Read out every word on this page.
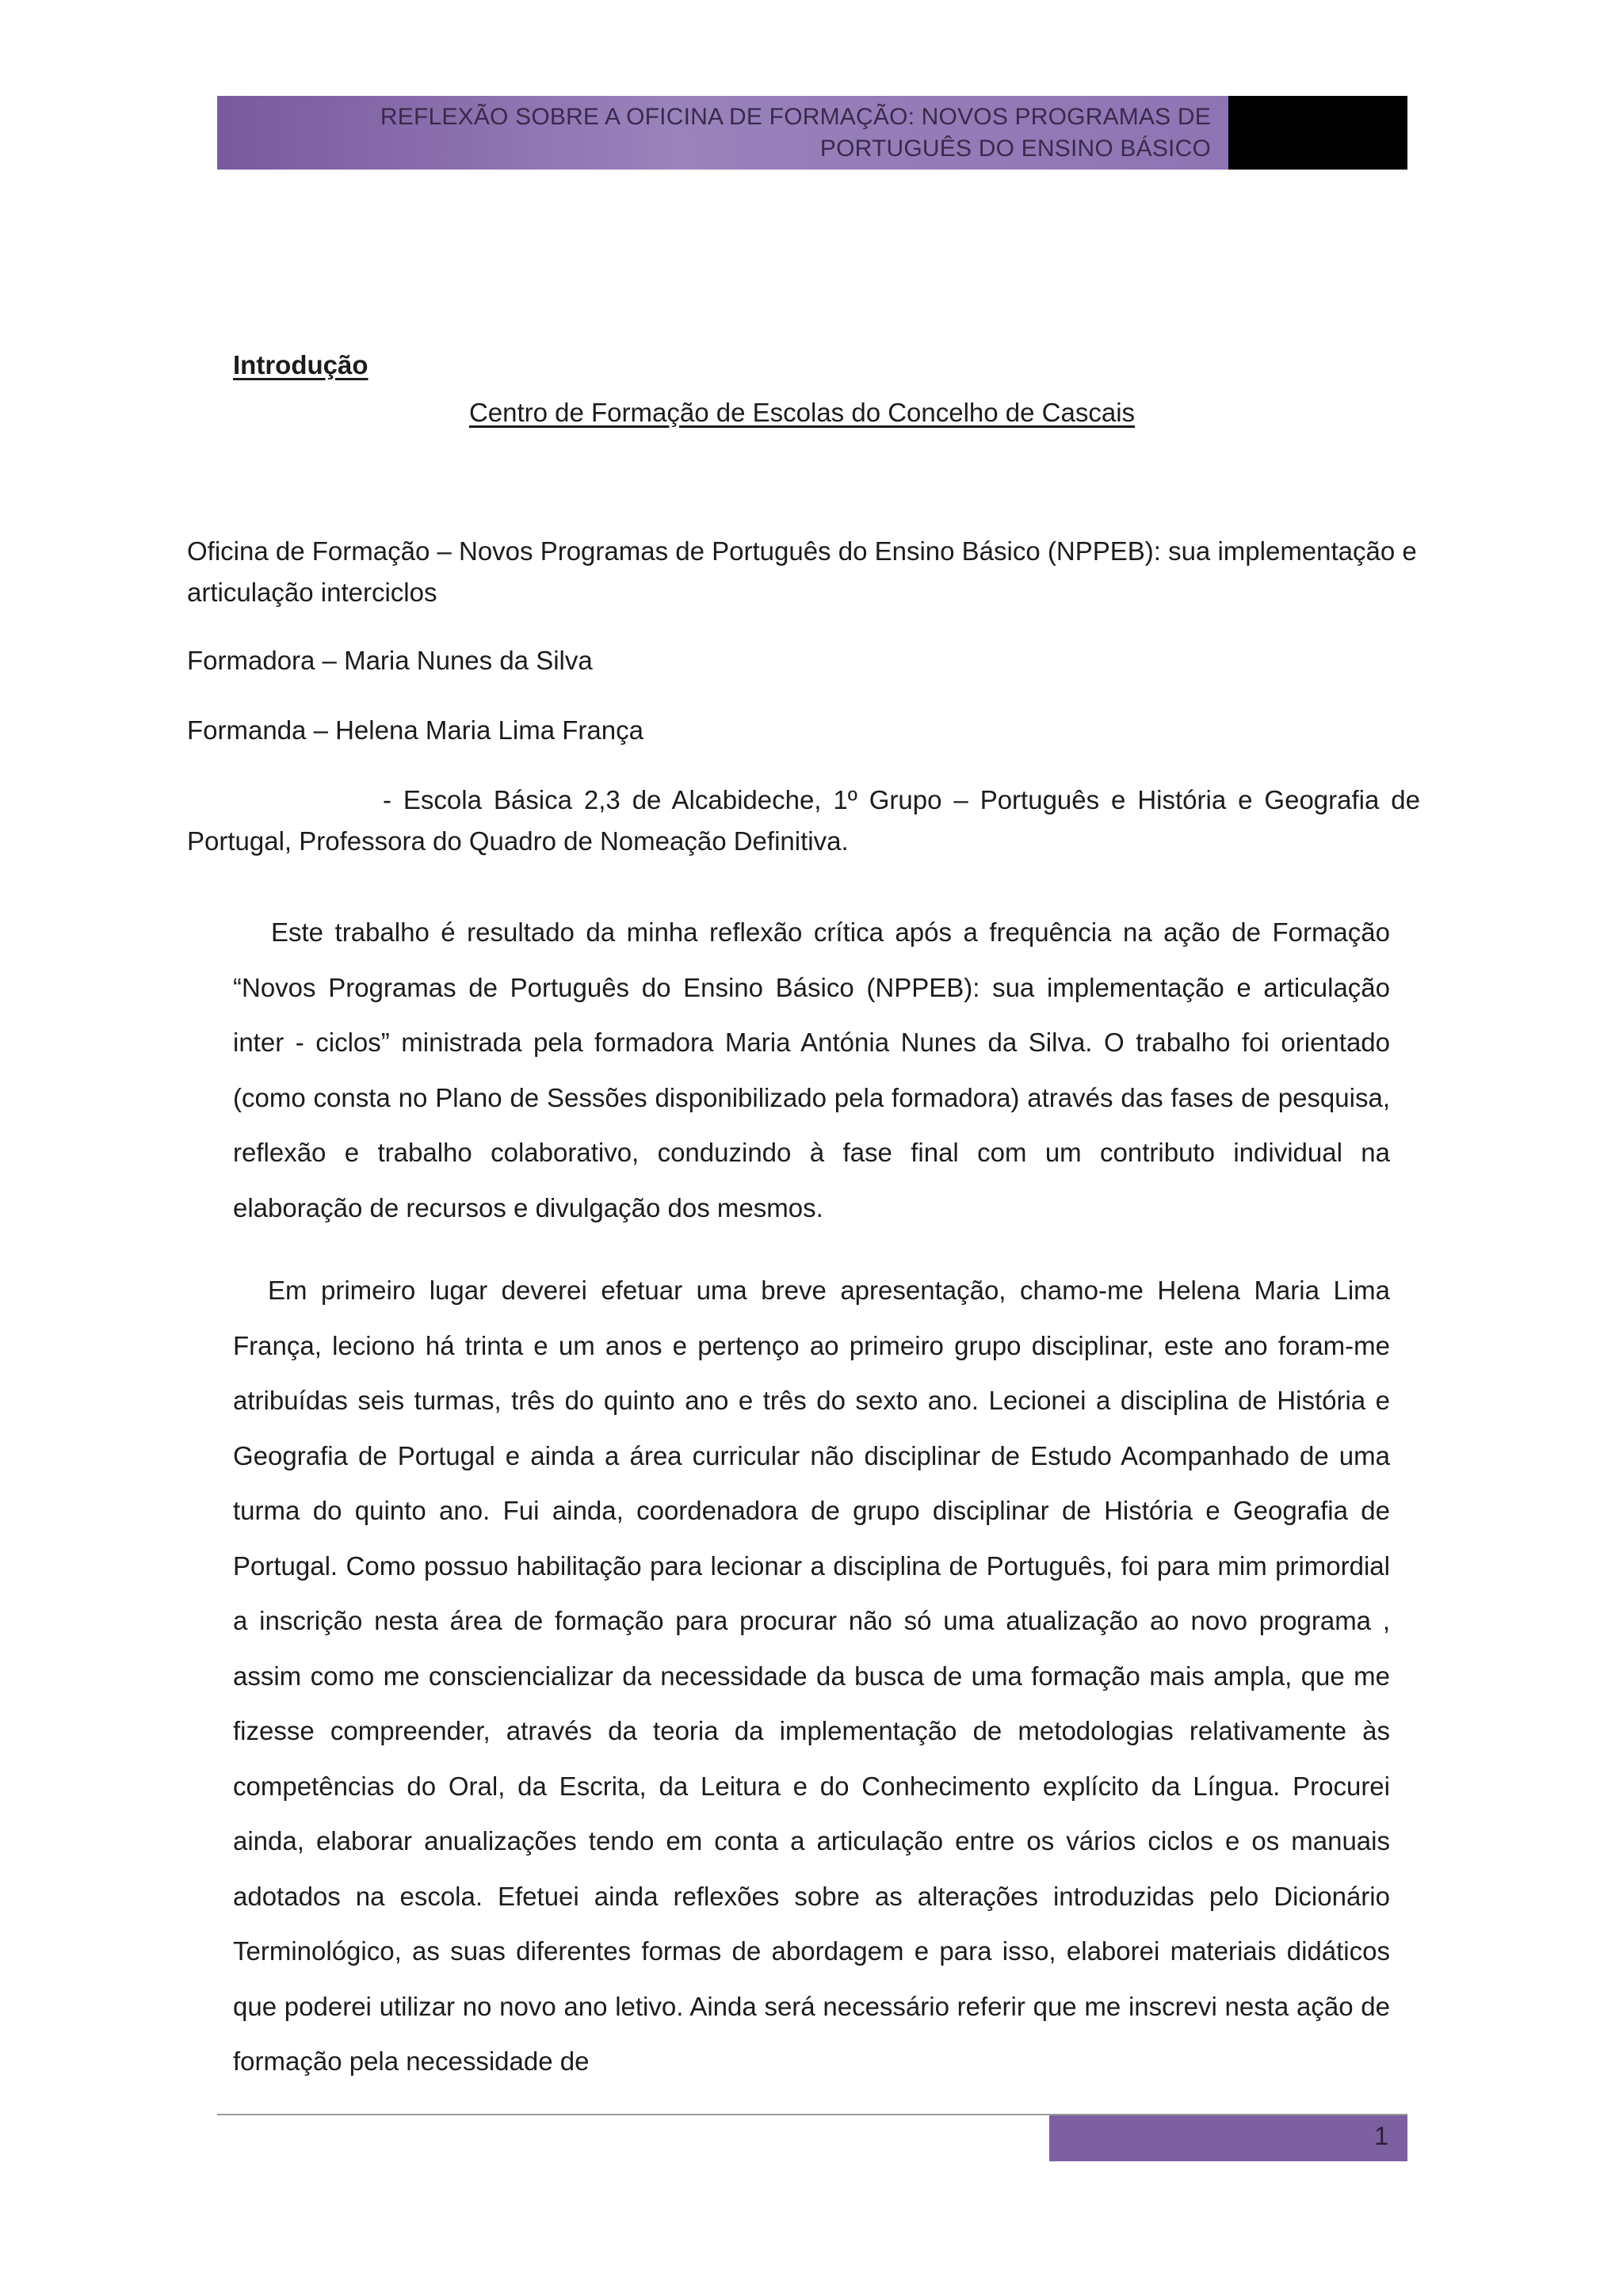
REFLEXÃO SOBRE A OFICINA DE FORMAÇÃO: NOVOS PROGRAMAS DE
PORTUGUÊS DO ENSINO BÁSICO
Introdução
Centro de Formação de Escolas do Concelho de Cascais
Oficina de Formação – Novos Programas de Português do Ensino Básico (NPPEB): sua implementação e articulação interciclos
Formadora – Maria Nunes da Silva
Formanda – Helena Maria Lima França
- Escola Básica 2,3 de Alcabideche, 1º Grupo – Português e História e Geografia de Portugal, Professora do Quadro de Nomeação Definitiva.
Este trabalho é resultado da minha reflexão crítica após a frequência na ação de Formação “Novos Programas de Português do Ensino Básico (NPPEB): sua implementação e articulação inter - ciclos” ministrada pela formadora Maria Antónia Nunes da Silva. O trabalho foi orientado (como consta no Plano de Sessões disponibilizado pela formadora) através das fases de pesquisa, reflexão e trabalho colaborativo, conduzindo à fase final com um contributo individual na elaboração de recursos e divulgação dos mesmos.
Em primeiro lugar deverei efetuar uma breve apresentação, chamo-me Helena Maria Lima França, leciono há trinta e um anos e pertenço ao primeiro grupo disciplinar, este ano foram-me atribuídas seis turmas, três do quinto ano e três do sexto ano. Lecionei a disciplina de História e Geografia de Portugal e ainda a área curricular não disciplinar de Estudo Acompanhado de uma turma do quinto ano. Fui ainda, coordenadora de grupo disciplinar de História e Geografia de Portugal. Como possuo habilitação para lecionar a disciplina de Português, foi para mim primordial a inscrição nesta área de formação para procurar não só uma atualização ao novo programa , assim como me consciencializar da necessidade da busca de uma formação mais ampla, que me fizesse compreender, através da teoria da implementação de metodologias relativamente às competências do Oral, da Escrita, da Leitura e do Conhecimento explícito da Língua. Procurei ainda, elaborar anualizações tendo em conta a articulação entre os vários ciclos e os manuais adotados na escola. Efetuei ainda reflexões sobre as alterações introduzidas pelo Dicionário Terminológico, as suas diferentes formas de abordagem e para isso, elaborei materiais didáticos que poderei utilizar no novo ano letivo. Ainda será necessário referir que me inscrevi nesta ação de formação pela necessidade de
1
